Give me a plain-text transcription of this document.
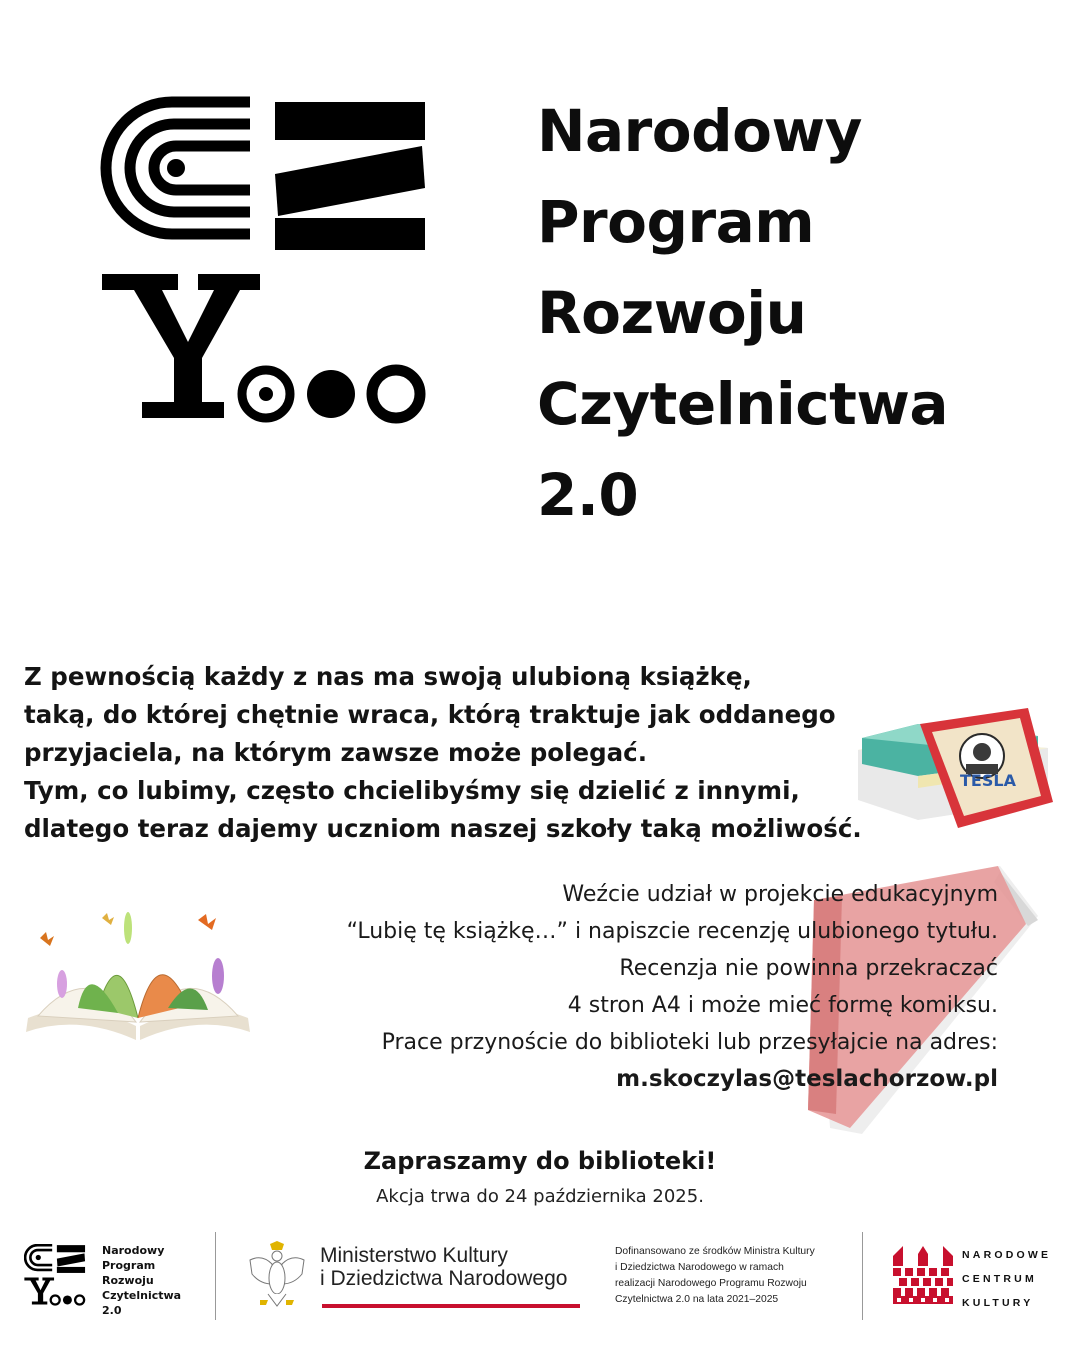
Narodowy
Program
Rozwoju
Czytelnictwa
2.0
Z pewnością każdy z nas ma swoją ulubioną książkę,
taką, do której chętnie wraca, którą traktuje jak oddanego
przyjaciela, na którym zawsze może polegać.
Tym, co lubimy, często chcielibyśmy się dzielić z innymi,
dlatego teraz dajemy uczniom naszej szkoły taką możliwość.
TESLA
Weźcie udział w projekcie edukacyjnym
“Lubię tę książkę…” i napiszcie recenzję ulubionego tytułu.
Recenzja nie powinna przekraczać
4 stron A4 i może mieć formę komiksu.
Prace przynoście do biblioteki lub przesyłajcie na adres:
m.skoczylas@teslachorzow.pl
Zapraszamy do biblioteki!
Akcja trwa do 24 października 2025.
Narodowy
Program
Rozwoju
Czytelnictwa
2.0
Ministerstwo Kultury
i Dziedzictwa Narodowego
Dofinansowano ze środków Ministra Kultury
i Dziedzictwa Narodowego w ramach
realizacji Narodowego Programu Rozwoju
Czytelnictwa 2.0 na lata 2021–2025
NARODOWE
CENTRUM
KULTURY
